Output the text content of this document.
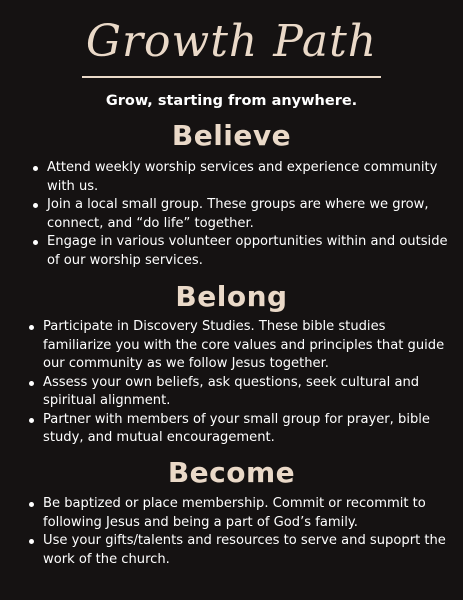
Growth Path
Grow, starting from anywhere.
Believe
Attend weekly worship services and experience community with us.
Join a local small group. These groups are where we grow, connect, and “do life” together.
Engage in various volunteer opportunities within and outside of our worship services.
Belong
Participate in Discovery Studies. These bible studies familiarize you with the core values and principles that guide our community as we follow Jesus together.
Assess your own beliefs, ask questions, seek cultural and spiritual alignment.
Partner with members of your small group for prayer, bible study, and mutual encouragement.
Become
Be baptized or place membership. Commit or recommit to following Jesus and being a part of God’s family.
Use your gifts/talents and resources to serve and supoprt the work of the church.
